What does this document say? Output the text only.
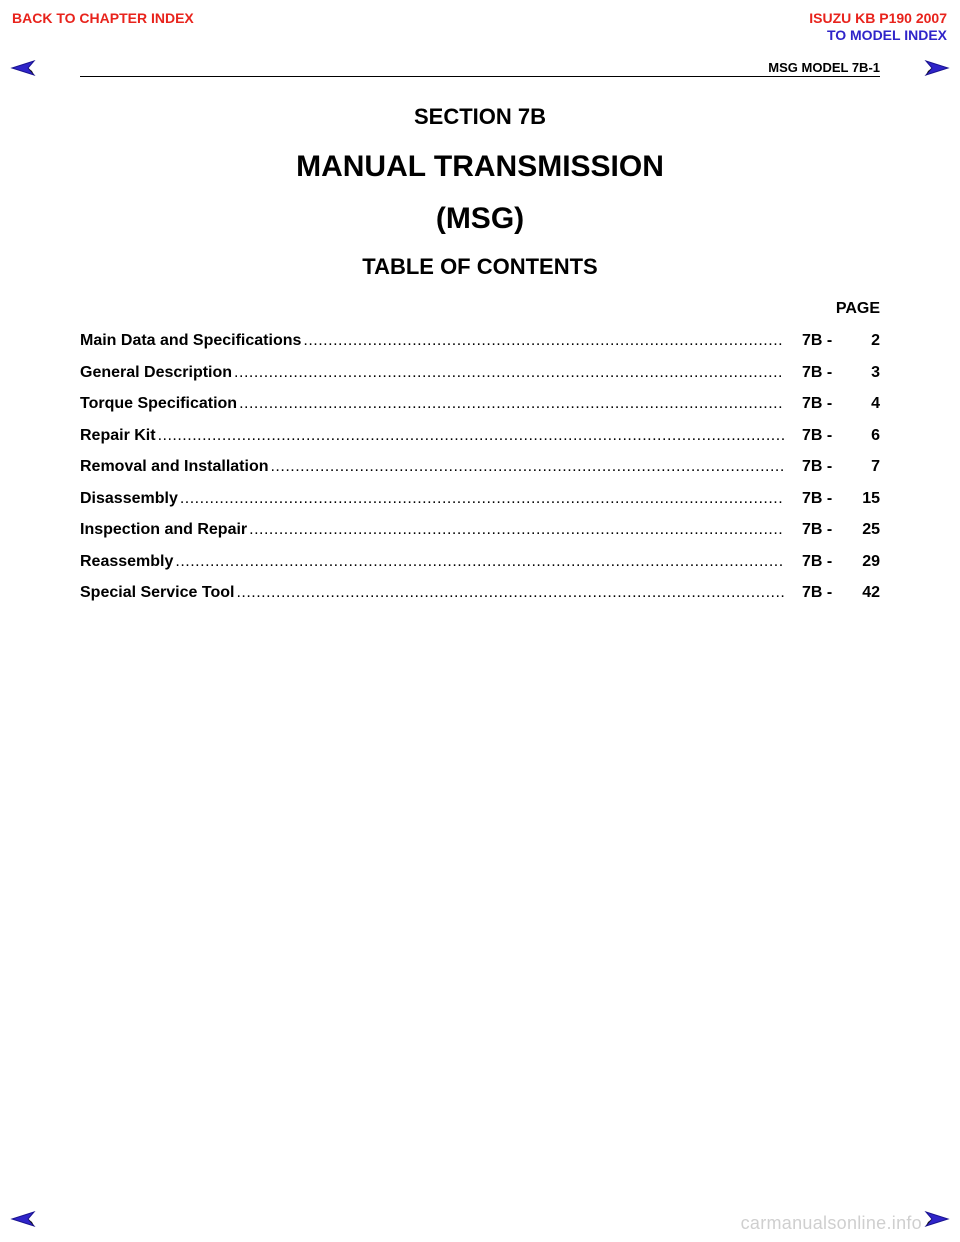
BACK TO CHAPTER INDEX	ISUZU KB P190 2007
TO MODEL INDEX
MSG MODEL 7B-1
SECTION 7B
MANUAL TRANSMISSION
(MSG)
TABLE OF CONTENTS
PAGE
Main Data and Specifications .....	7B -	2
General Description .....	7B -	3
Torque Specification .....	7B -	4
Repair Kit .....	7B -	6
Removal and Installation .....	7B -	7
Disassembly .....	7B -	15
Inspection and Repair .....	7B -	25
Reassembly .....	7B -	29
Special Service Tool .....	7B -	42
carmanualsonline.info
